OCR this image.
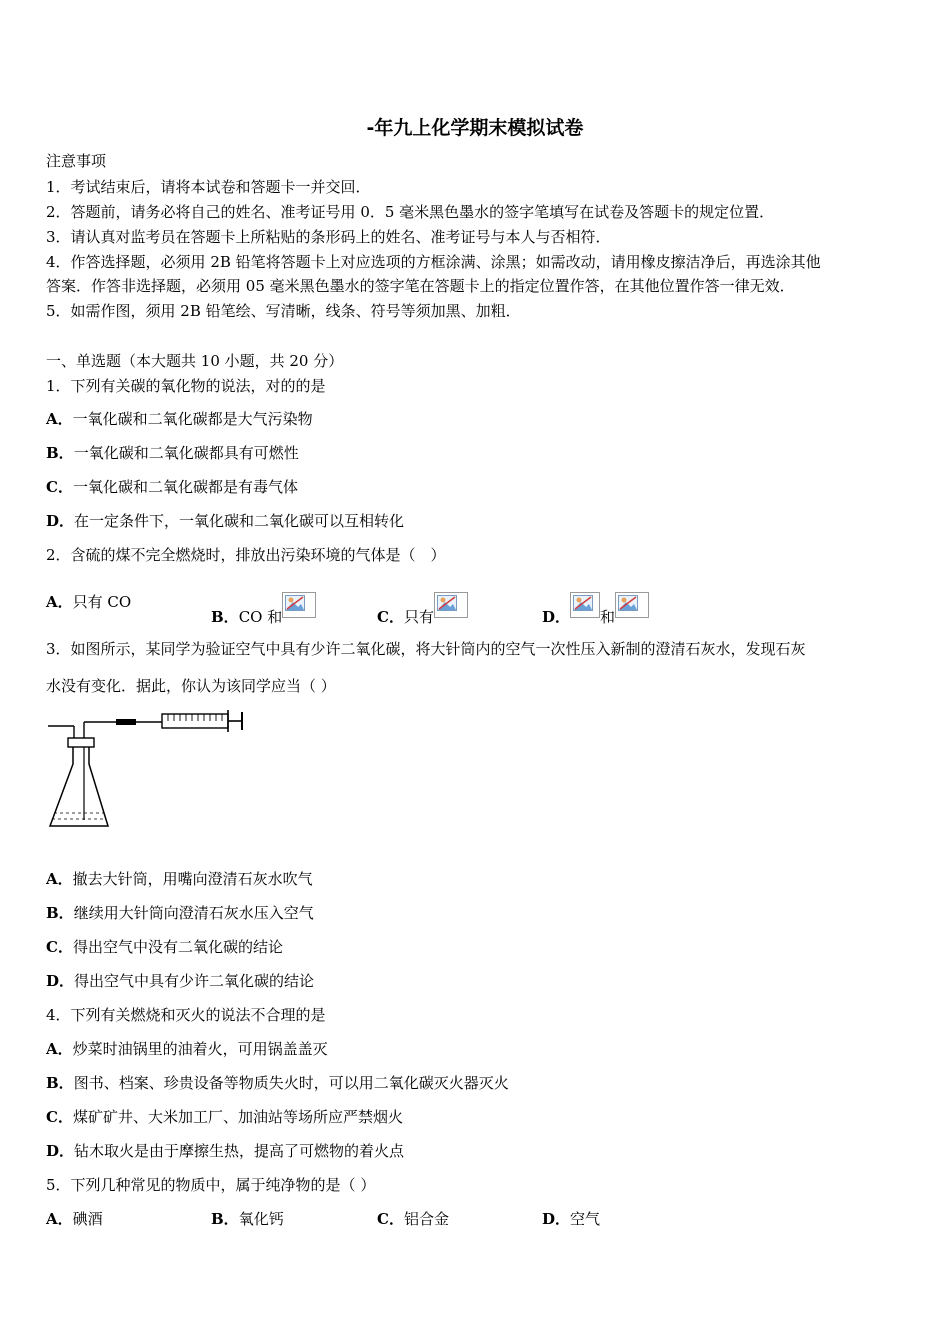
-年九上化学期末模拟试卷
注意事项
1．考试结束后，请将本试卷和答题卡一并交回．
2．答题前，请务必将自己的姓名、准考证号用 0．5 毫米黑色墨水的签字笔填写在试卷及答题卡的规定位置．
3．请认真对监考员在答题卡上所粘贴的条形码上的姓名、准考证号与本人与否相符．
4．作答选择题，必须用 2B 铅笔将答题卡上对应选项的方框涂满、涂黑；如需改动，请用橡皮擦洁净后，再选涂其他
答案．作答非选择题，必须用 05 毫米黑色墨水的签字笔在答题卡上的指定位置作答，在其他位置作答一律无效．
5．如需作图，须用 2B 铅笔绘、写清晰，线条、符号等须加黑、加粗．
一、单选题（本大题共 10 小题，共 20 分）
1．下列有关碳的氧化物的说法，对的的是
A．一氧化碳和二氧化碳都是大气污染物
B．一氧化碳和二氧化碳都具有可燃性
C．一氧化碳和二氧化碳都是有毒气体
D．在一定条件下，一氧化碳和二氧化碳可以互相转化
2．含硫的煤不完全燃烧时，排放出污染环境的气体是（　）
A．只有 CO
B．CO 和	C．只有	D． 和
3．如图所示，某同学为验证空气中具有少许二氧化碳，将大针筒内的空气一次性压入新制的澄清石灰水，发现石灰
水没有变化．据此，你认为该同学应当（ ）
A．撤去大针筒，用嘴向澄清石灰水吹气
B．继续用大针筒向澄清石灰水压入空气
C．得出空气中没有二氧化碳的结论
D．得出空气中具有少许二氧化碳的结论
4．下列有关燃烧和灭火的说法不合理的是
A．炒菜时油锅里的油着火，可用锅盖盖灭
B．图书、档案、珍贵设备等物质失火时，可以用二氧化碳灭火器灭火
C．煤矿矿井、大米加工厂、加油站等场所应严禁烟火
D．钻木取火是由于摩擦生热，提高了可燃物的着火点
5．下列几种常见的物质中，属于纯净物的是（ ）
A．碘酒	B．氧化钙	C．铝合金	D．空气
